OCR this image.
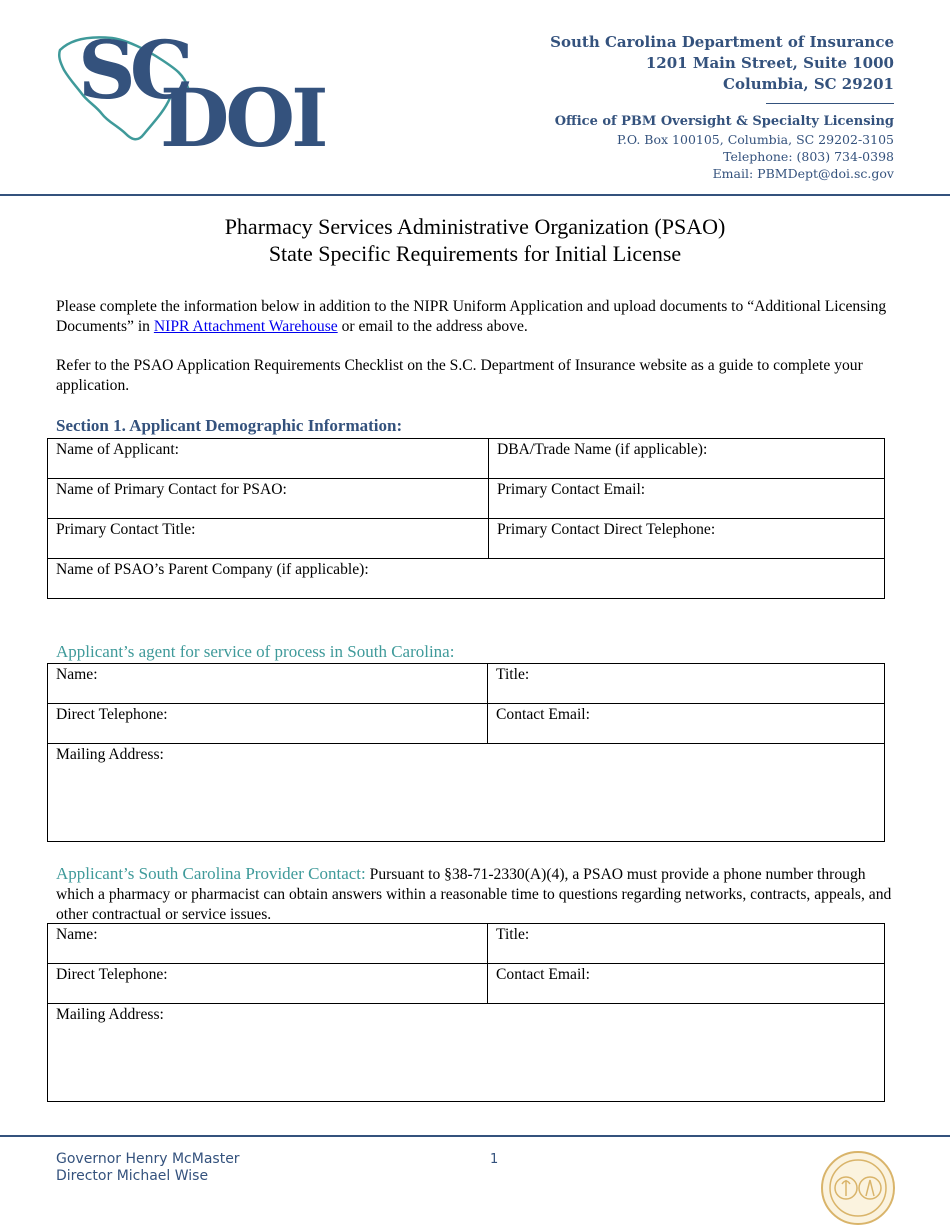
SC
DOI
South Carolina Department of Insurance
1201 Main Street, Suite 1000
Columbia, SC 29201
Office of PBM Oversight & Specialty Licensing
P.O. Box 100105, Columbia, SC 29202-3105
Telephone: (803) 734-0398
Email: PBMDept@doi.sc.gov
Pharmacy Services Administrative Organization (PSAO)
State Specific Requirements for Initial License
Please complete the information below in addition to the NIPR Uniform Application and upload documents to “Additional Licensing Documents” in NIPR Attachment Warehouse or email to the address above.
Refer to the PSAO Application Requirements Checklist on the S.C. Department of Insurance website as a guide to complete your application.
Section 1. Applicant Demographic Information:
Name of Applicant:	DBA/Trade Name (if applicable):
Name of Primary Contact for PSAO:	Primary Contact Email:
Primary Contact Title:	Primary Contact Direct Telephone:
Name of PSAO’s Parent Company (if applicable):	
Applicant’s agent for service of process in South Carolina:
Name:	Title:
Direct Telephone:	Contact Email:
Mailing Address:	
Applicant’s South Carolina Provider Contact: Pursuant to §38-71-2330(A)(4), a PSAO must provide a phone number through which a pharmacy or pharmacist can obtain answers within a reasonable time to questions regarding networks, contracts, appeals, and other contractual or service issues.
Name:	Title:
Direct Telephone:	Contact Email:
Mailing Address:	
Governor Henry McMaster
Director Michael Wise
1
